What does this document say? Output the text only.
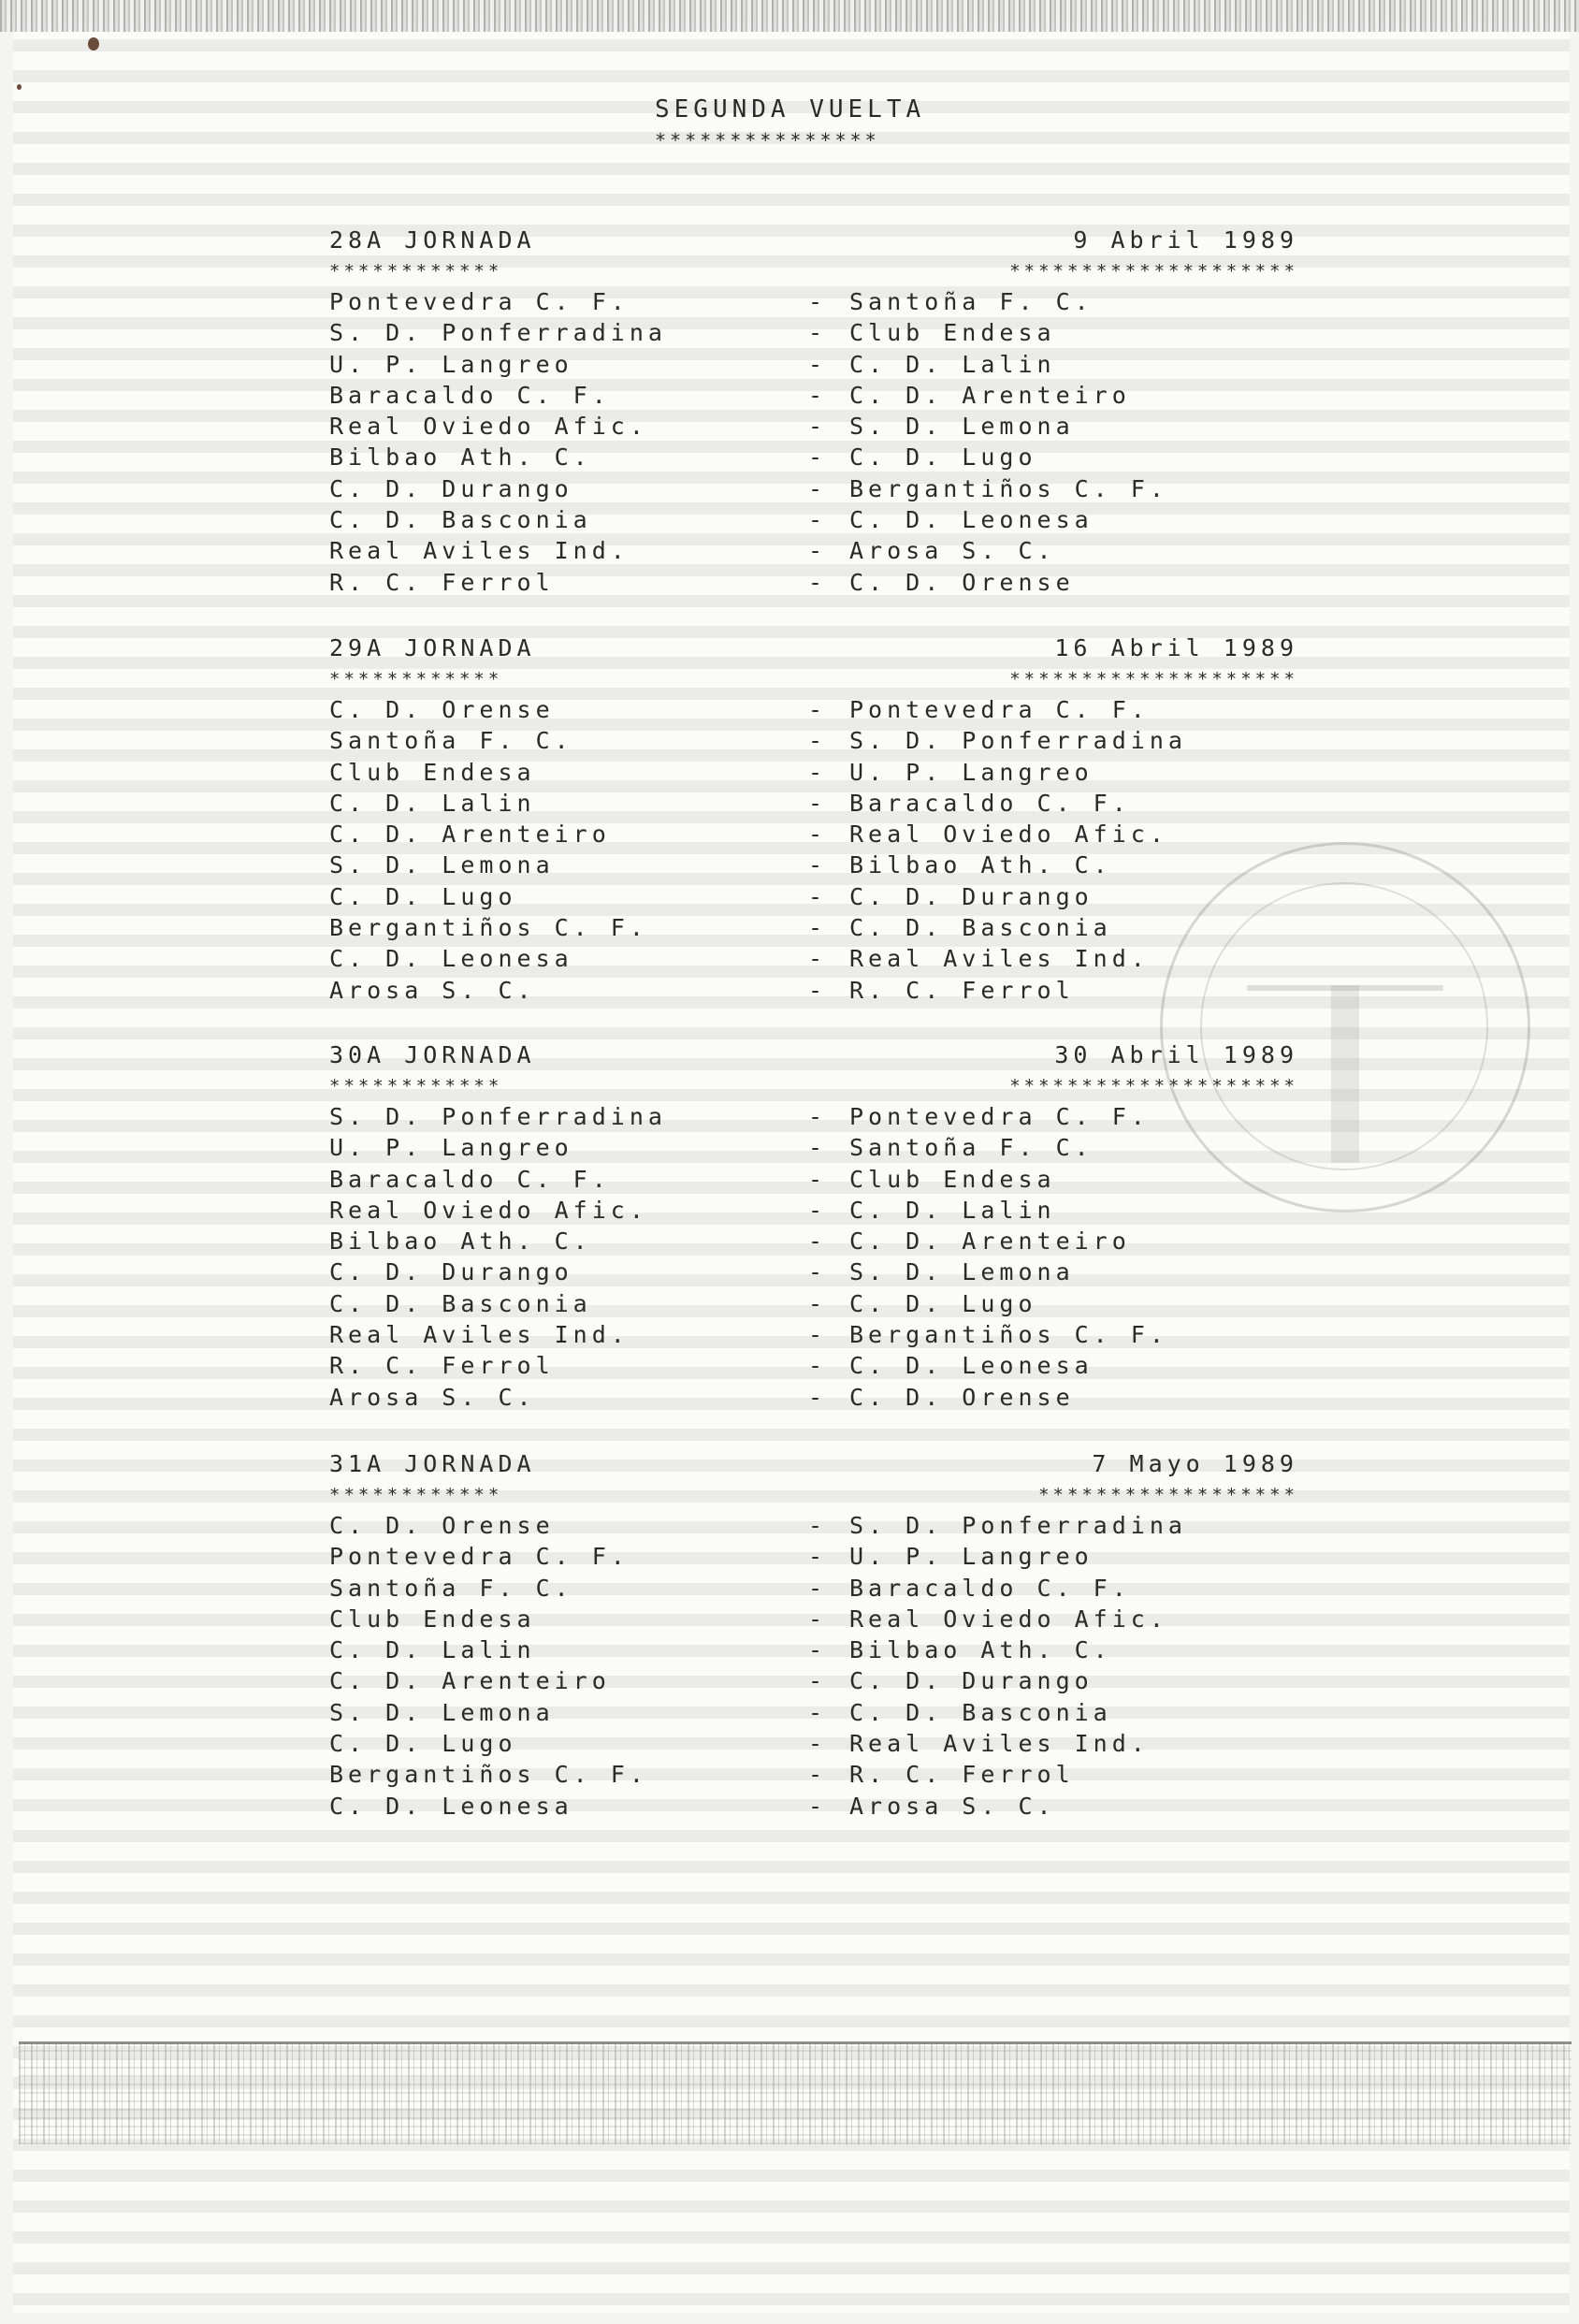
SEGUNDA VUELTA
***************
28A JORNADA	9 Abril 1989
************	********************
Pontevedra C. F.	- Santoña F. C.
S. D. Ponferradina	- Club Endesa
U. P. Langreo	- C. D. Lalin
Baracaldo C. F.	- C. D. Arenteiro
Real Oviedo Afic.	- S. D. Lemona
Bilbao Ath. C.	- C. D. Lugo
C. D. Durango	- Bergantiños C. F.
C. D. Basconia	- C. D. Leonesa
Real Aviles Ind.	- Arosa S. C.
R. C. Ferrol	- C. D. Orense
29A JORNADA	16 Abril 1989
************	********************
C. D. Orense	- Pontevedra C. F.
Santoña F. C.	- S. D. Ponferradina
Club Endesa	- U. P. Langreo
C. D. Lalin	- Baracaldo C. F.
C. D. Arenteiro	- Real Oviedo Afic.
S. D. Lemona	- Bilbao Ath. C.
C. D. Lugo	- C. D. Durango
Bergantiños C. F.	- C. D. Basconia
C. D. Leonesa	- Real Aviles Ind.
Arosa S. C.	- R. C. Ferrol
30A JORNADA	30 Abril 1989
************	********************
S. D. Ponferradina	- Pontevedra C. F.
U. P. Langreo	- Santoña F. C.
Baracaldo C. F.	- Club Endesa
Real Oviedo Afic.	- C. D. Lalin
Bilbao Ath. C.	- C. D. Arenteiro
C. D. Durango	- S. D. Lemona
C. D. Basconia	- C. D. Lugo
Real Aviles Ind.	- Bergantiños C. F.
R. C. Ferrol	- C. D. Leonesa
Arosa S. C.	- C. D. Orense
31A JORNADA	7 Mayo 1989
************	******************
C. D. Orense	- S. D. Ponferradina
Pontevedra C. F.	- U. P. Langreo
Santoña F. C.	- Baracaldo C. F.
Club Endesa	- Real Oviedo Afic.
C. D. Lalin	- Bilbao Ath. C.
C. D. Arenteiro	- C. D. Durango
S. D. Lemona	- C. D. Basconia
C. D. Lugo	- Real Aviles Ind.
Bergantiños C. F.	- R. C. Ferrol
C. D. Leonesa	- Arosa S. C.
